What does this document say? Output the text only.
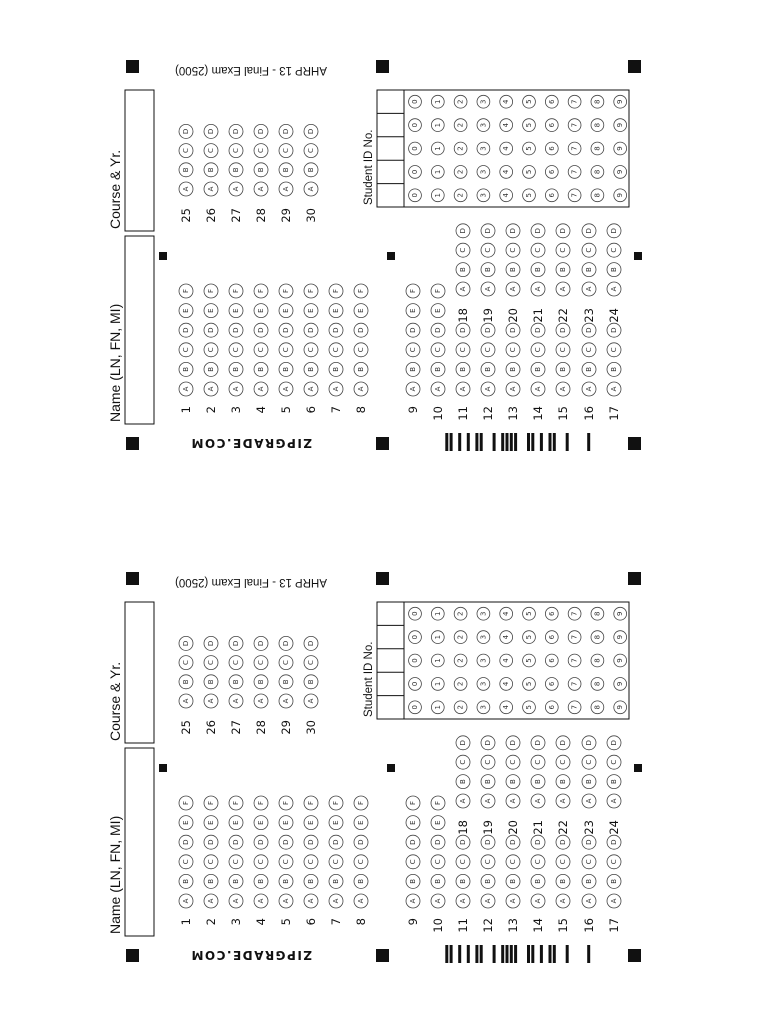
Name (LN, FN, MI)
Course & Yr.
AHRP 13 - Final Exam (2500)
ZIPGRADE.COM
Student ID No.	0
0
0
0
0
1
1
1
1
1
2
2
2
2
2
3
3
3
3
3
4
4
4
4
4
5
5
5
5
5
6
6
6
6
6
7
7
7
7
7
8
8
8
8
8
9
9
9
9
9
1
A
B
C
D
E
F
2
A
B
C
D
E
F
3
A
B
C
D
E
F
4
A
B
C
D
E
F
5
A
B
C
D
E
F
6
A
B
C
D
E
F
7
A
B
C
D
E
F
8
A
B
C
D
E
F
9
A
B
C
D
E
F
10
A
B
C
D
E
F
11
A
B
C
D
12
A
B
C
D
13
A
B
C
D
14
A
B
C
D
15
A
B
C
D
16
A
B
C
D
17
A
B
C
D
18
A
B
C
D
19
A
B
C
D
20
A
B
C
D
21
A
B
C
D
22
A
B
C
D
23
A
B
C
D
24
A
B
C
D
25
A
B
C
D
26
A
B
C
D
27
A
B
C
D
28
A
B
C
D
29
A
B
C
D
30
A
B
C
D
Name (LN, FN, MI)
Course & Yr.
AHRP 13 - Final Exam (2500)
ZIPGRADE.COM
Student ID No.	0
0
0
0
0
1
1
1
1
1
2
2
2
2
2
3
3
3
3
3
4
4
4
4
4
5
5
5
5
5
6
6
6
6
6
7
7
7
7
7
8
8
8
8
8
9
9
9
9
9
1
A
B
C
D
E
F
2
A
B
C
D
E
F
3
A
B
C
D
E
F
4
A
B
C
D
E
F
5
A
B
C
D
E
F
6
A
B
C
D
E
F
7
A
B
C
D
E
F
8
A
B
C
D
E
F
9
A
B
C
D
E
F
10
A
B
C
D
E
F
11
A
B
C
D
12
A
B
C
D
13
A
B
C
D
14
A
B
C
D
15
A
B
C
D
16
A
B
C
D
17
A
B
C
D
18
A
B
C
D
19
A
B
C
D
20
A
B
C
D
21
A
B
C
D
22
A
B
C
D
23
A
B
C
D
24
A
B
C
D
25
A
B
C
D
26
A
B
C
D
27
A
B
C
D
28
A
B
C
D
29
A
B
C
D
30
A
B
C
D
